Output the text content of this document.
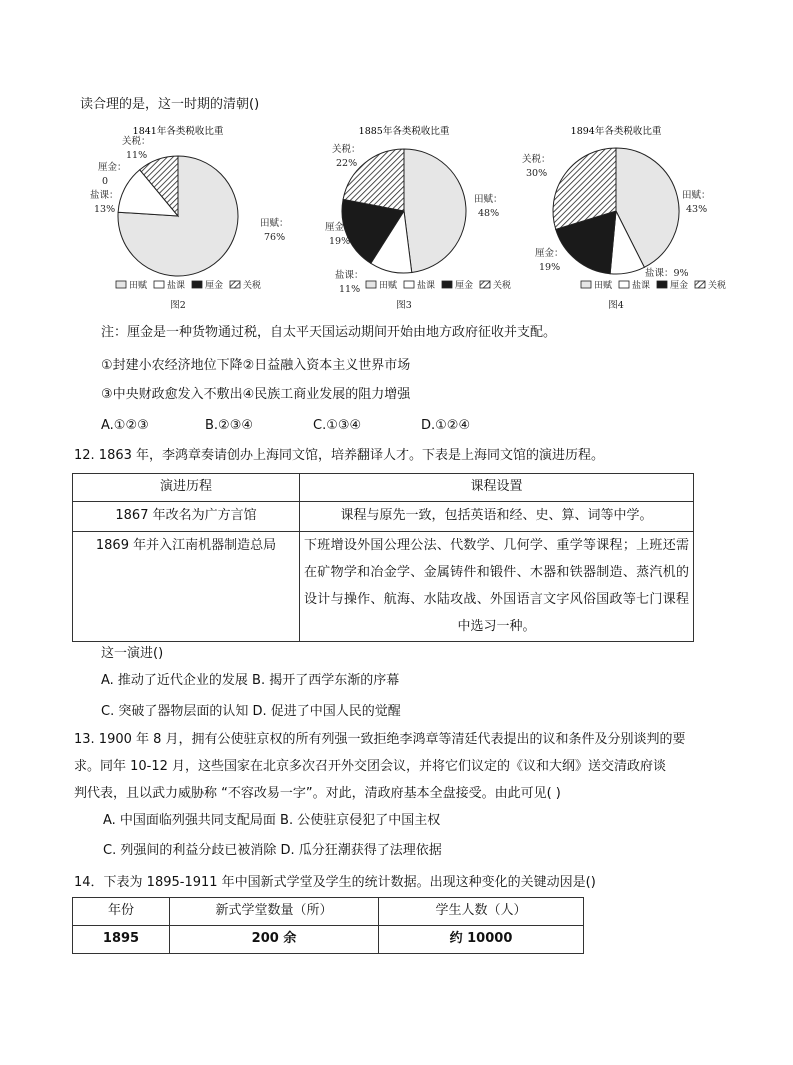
读合理的是，这一时期的清朝()
1841年各类税收比重
田赋：
76%
盐课：
13%
厘金：
0
关税：
11%
田赋 盐课 厘金 关税
图2
1885年各类税收比重
田赋：
48%
盐课：
11%
厘金：
19%
关税：
22%
田赋 盐课 厘金 关税
图3
1894年各类税收比重
田赋：
43%
盐课：9%
厘金：
19%
关税：
30%
田赋 盐课 厘金 关税
图4
注：厘金是一种货物通过税，自太平天国运动期间开始由地方政府征收并支配。
①封建小农经济地位下降②日益融入资本主义世界市场
③中央财政愈发入不敷出④民族工商业发展的阻力增强
A.①②③	B.②③④	C.①③④	D.①②④
12. 1863 年，李鸿章奏请创办上海同文馆，培养翻译人才。下表是上海同文馆的演进历程。
演进历程	课程设置
1867 年改名为广方言馆	课程与原先一致，包括英语和经、史、算、词等中学。
1869 年并入江南机器制造总局	下班增设外国公理公法、代数学、几何学、重学等课程；上班还需在矿物学和冶金学、金属铸件和锻件、木器和铁器制造、蒸汽机的设计与操作、航海、水陆攻战、外国语言文字风俗国政等七门课程中选习一种。
这一演进()
A. 推动了近代企业的发展 B. 揭开了西学东渐的序幕
C. 突破了器物层面的认知 D. 促进了中国人民的觉醒
13. 1900 年 8 月，拥有公使驻京权的所有列强一致拒绝李鸿章等清廷代表提出的议和条件及分别谈判的要
求。同年 10-12 月，这些国家在北京多次召开外交团会议，并将它们议定的《议和大纲》送交清政府谈
判代表，且以武力威胁称 “不容改易一字”。对此，清政府基本全盘接受。由此可见( )
A. 中国面临列强共同支配局面 B. 公使驻京侵犯了中国主权
C. 列强间的利益分歧已被消除 D. 瓜分狂潮获得了法理依据
14．下表为 1895-1911 年中国新式学堂及学生的统计数据。出现这种变化的关键动因是()
年份	新式学堂数量（所）	学生人数（人）
1895	200 余	约 10000
